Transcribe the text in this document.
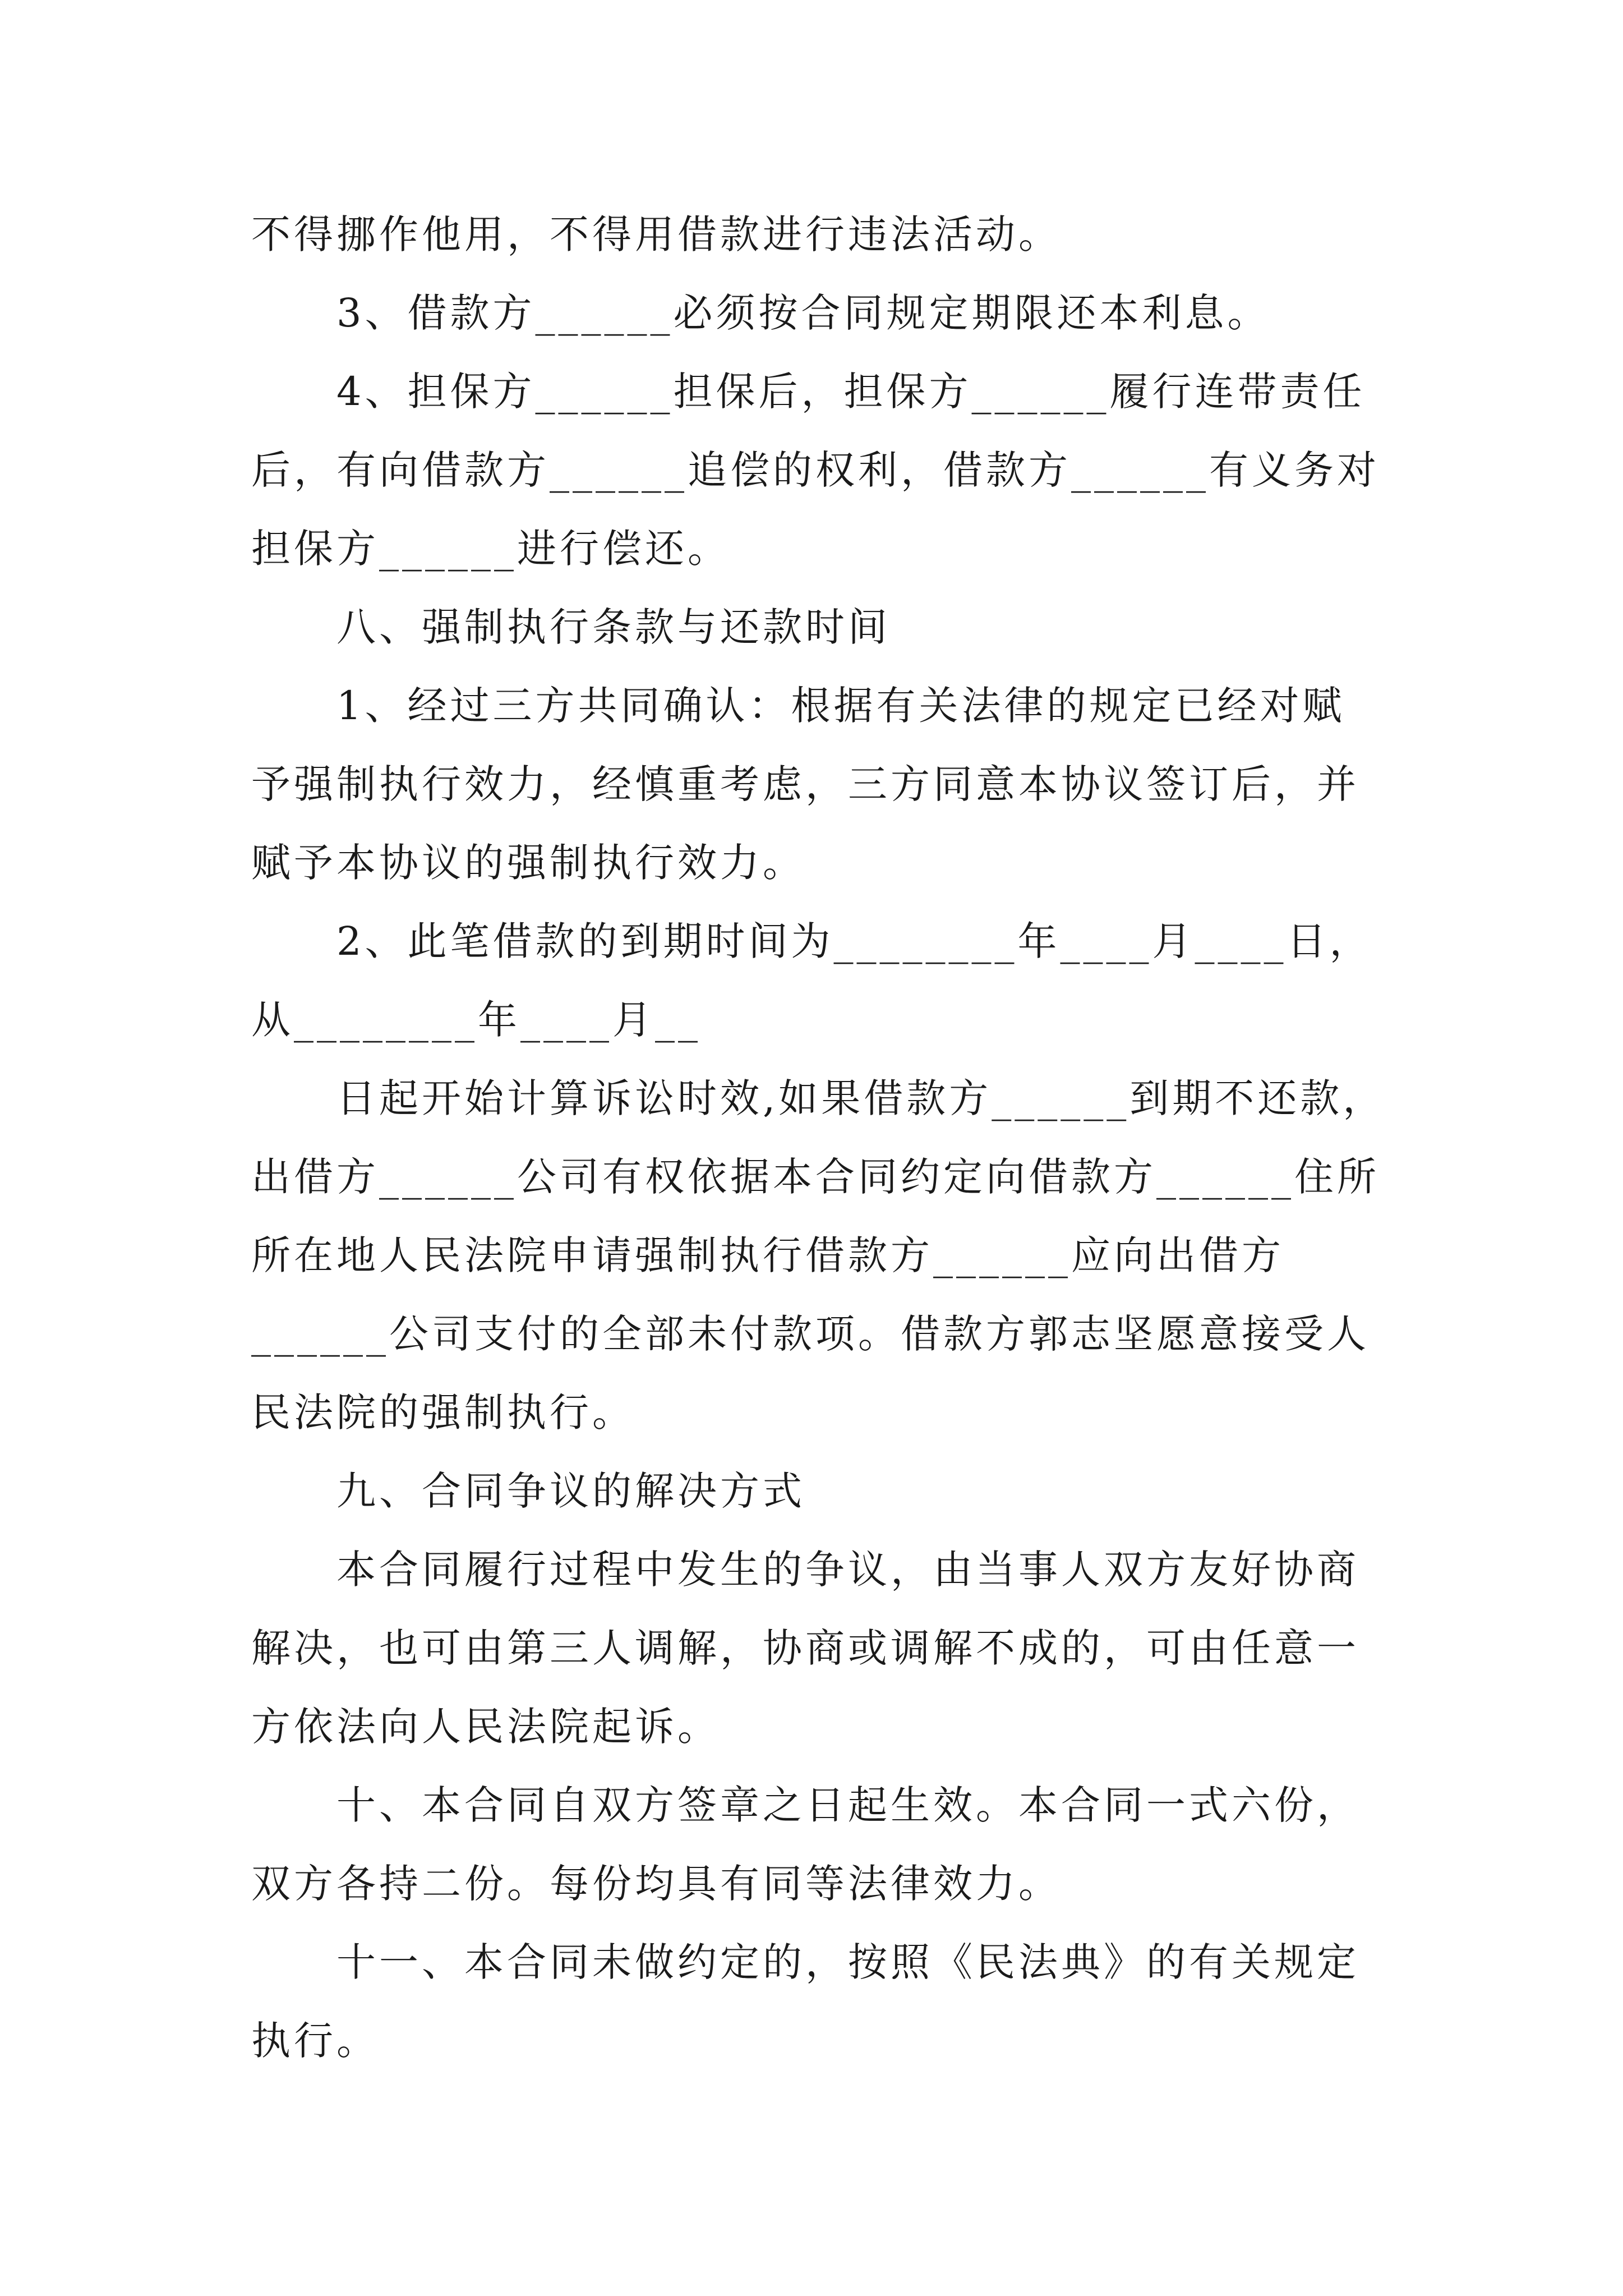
不得挪作他用，不得用借款进行违法活动。
3、借款方______必须按合同规定期限还本利息。
4、担保方______担保后，担保方______履行连带责任
后，有向借款方______追偿的权利，借款方______有义务对
担保方______进行偿还。
八、强制执行条款与还款时间
1、经过三方共同确认：根据有关法律的规定已经对赋
予强制执行效力，经慎重考虑，三方同意本协议签订后，并
赋予本协议的强制执行效力。
2、此笔借款的到期时间为________年____月____日，
从________年____月__
日起开始计算诉讼时效,如果借款方______到期不还款，
出借方______公司有权依据本合同约定向借款方______住所
所在地人民法院申请强制执行借款方______应向出借方
______公司支付的全部未付款项。借款方郭志坚愿意接受人
民法院的强制执行。
九、合同争议的解决方式
本合同履行过程中发生的争议，由当事人双方友好协商
解决，也可由第三人调解，协商或调解不成的，可由任意一
方依法向人民法院起诉。
十、本合同自双方签章之日起生效。本合同一式六份，
双方各持二份。每份均具有同等法律效力。
十一、本合同未做约定的，按照《民法典》的有关规定
执行。
